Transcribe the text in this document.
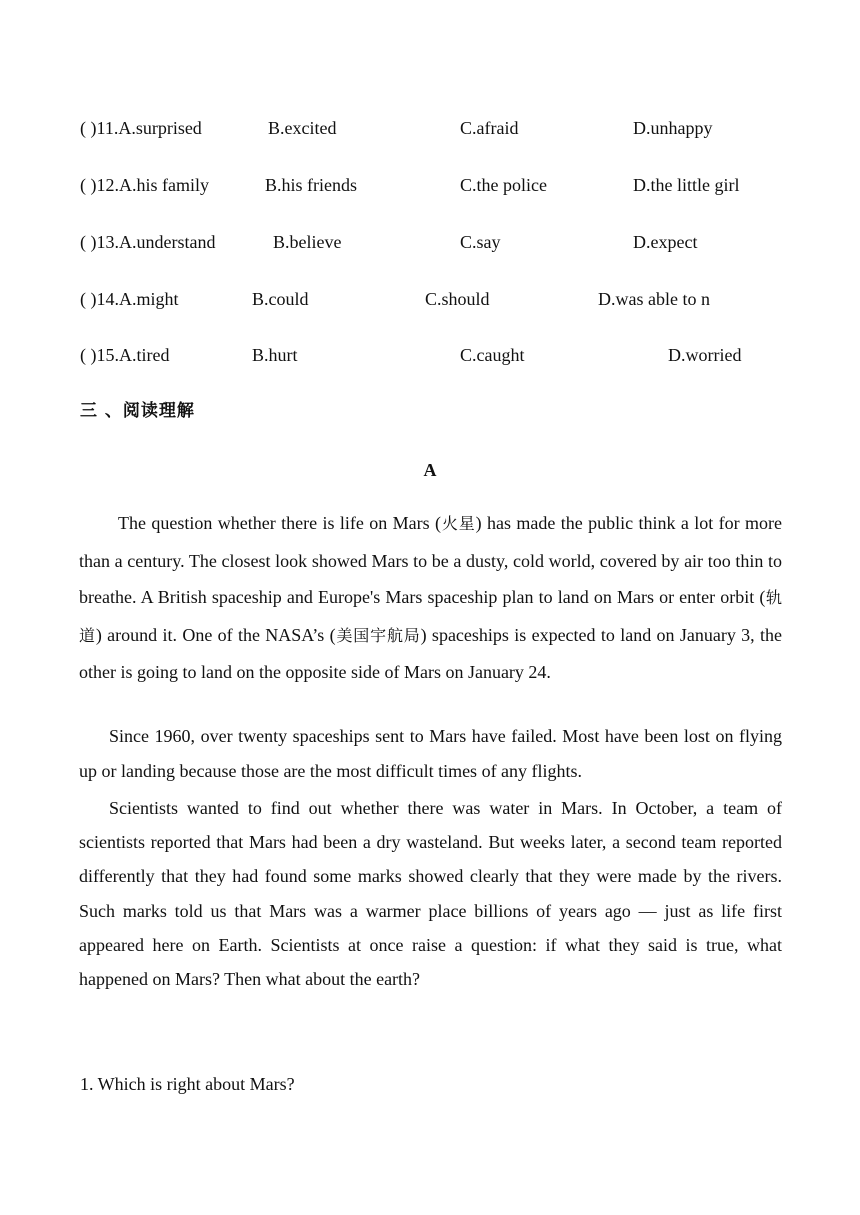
( )11.A.surprised	B.excited	C.afraid	D.unhappy
( )12.A.his family	B.his friends	C.the police	D.the little girl
( )13.A.understand	B.believe	C.say	D.expect
( )14.A.might	B.could	C.should	D.was able to n
( )15.A.tired	B.hurt	C.caught	D.worried
三 、阅读理解
A

The question whether there is life on Mars (火星) has made the public think a lot for more than a century. The closest look showed Mars to be a dusty, cold world, covered by air too thin to breathe. A British spaceship and Europe's Mars spaceship plan to land on Mars or enter orbit (轨道) around it. One of the NASA’s (美国宇航局) spaceships is expected to land on January 3, the other is going to land on the opposite side of Mars on January 24.

Since 1960, over twenty spaceships sent to Mars have failed. Most have been lost on flying up or landing because those are the most difficult times of any flights.

Scientists wanted to find out whether there was water in Mars. In October, a team of scientists reported that Mars had been a dry wasteland. But weeks later, a second team reported differently that they had found some marks showed clearly that they were made by the rivers. Such marks told us that Mars was a warmer place billions of years ago — just as life first appeared here on Earth. Scientists at once raise a question: if what they said is true, what happened on Mars? Then what about the earth?

1. Which is right about Mars?
